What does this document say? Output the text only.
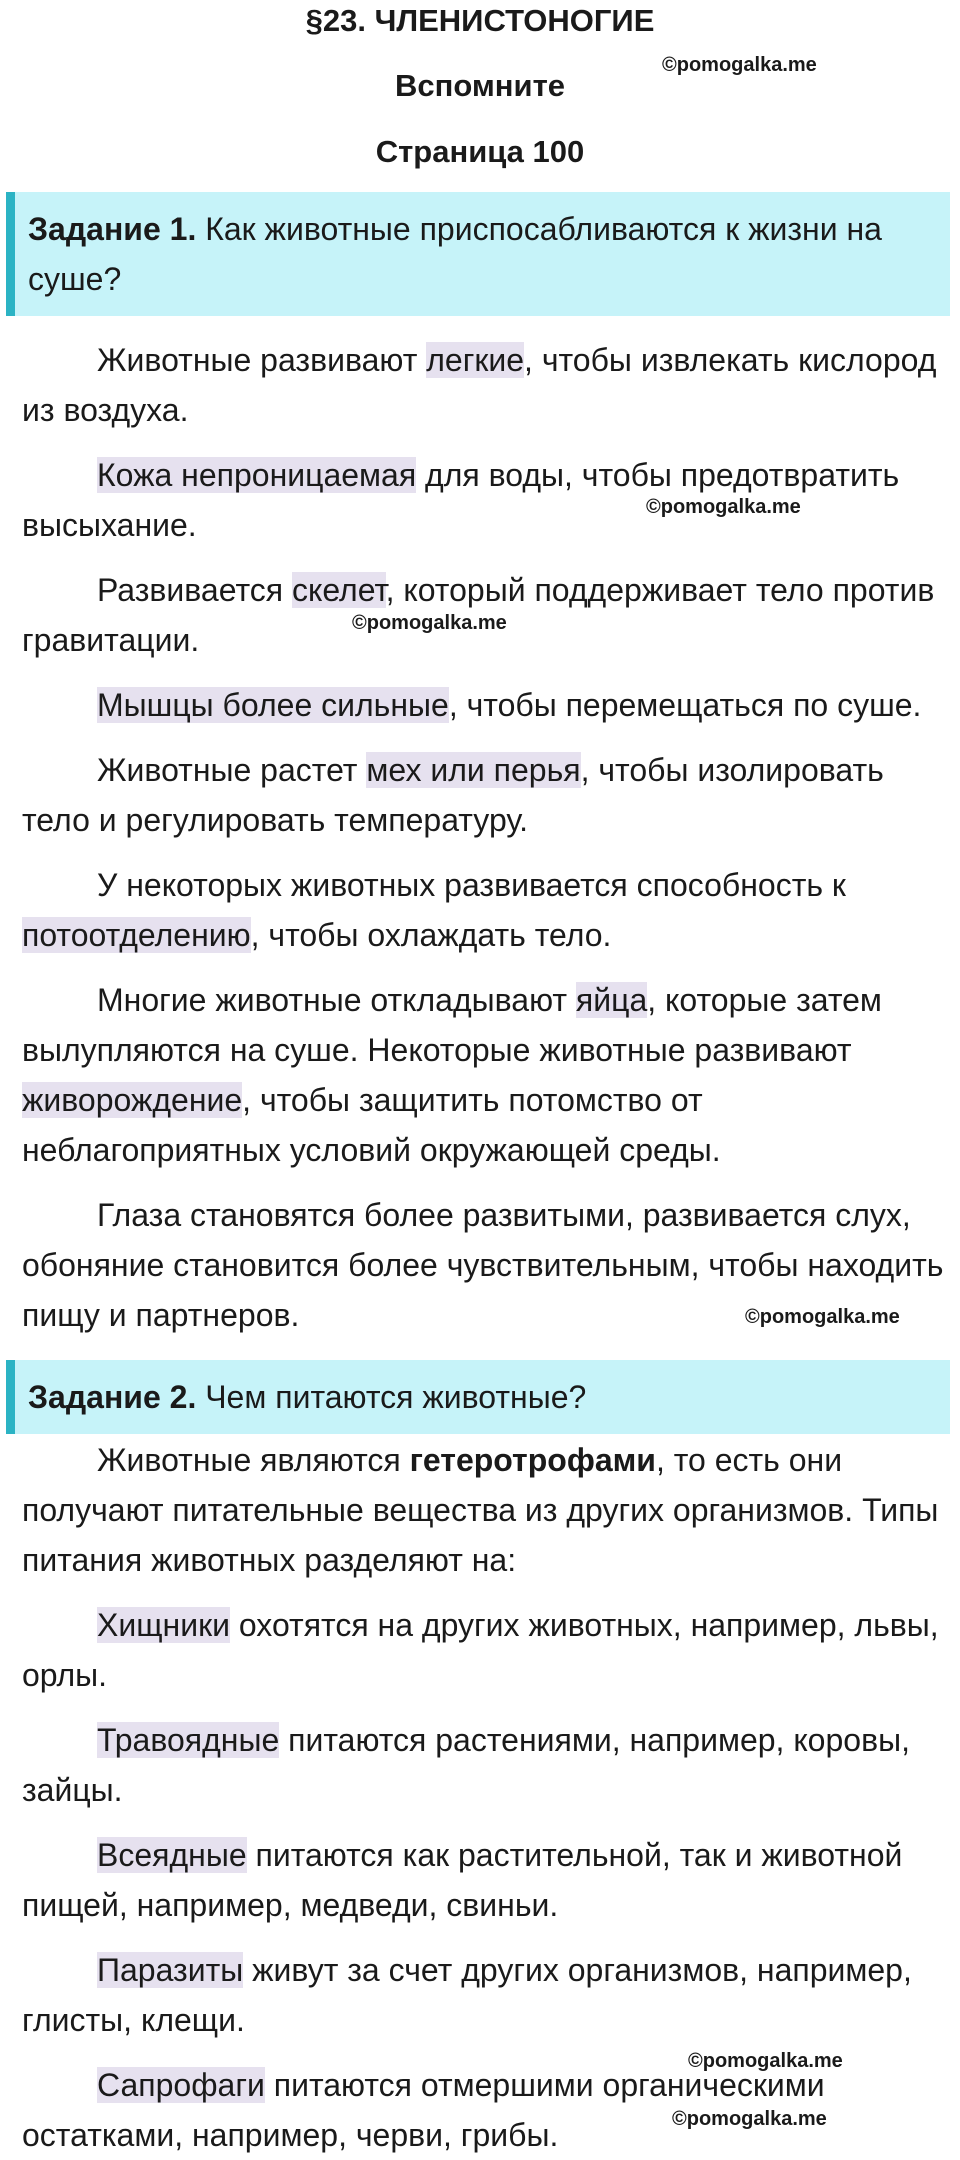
§23. ЧЛЕНИСТОНОГИЕ
Вспомните
Страница 100
©pomogalka.me
Задание 1. Как животные приспосабливаются к жизни на суше?
Животные развивают легкие, чтобы извлекать кислород из воздуха.
Кожа непроницаемая для воды, чтобы предотвратить высыхание.	©pomogalka.me
Развивается скелет, который поддерживает тело против гравитации.	©pomogalka.me
Мышцы более сильные, чтобы перемещаться по суше.
Животные растет мех или перья, чтобы изолировать тело и регулировать температуру.
У некоторых животных развивается способность к потоотделению, чтобы охлаждать тело.
Многие животные откладывают яйца, которые затем вылупляются на суше. Некоторые животные развивают живорождение, чтобы защитить потомство от неблагоприятных условий окружающей среды.
Глаза становятся более развитыми, развивается слух, обоняние становится более чувствительным, чтобы находить пищу и партнеров.	©pomogalka.me
Задание 2. Чем питаются животные?
Животные являются гетеротрофами, то есть они получают питательные вещества из других организмов. Типы питания животных разделяют на:
Хищники охотятся на других животных, например, львы, орлы.
Травоядные питаются растениями, например, коровы, зайцы.
Всеядные питаются как растительной, так и животной пищей, например, медведи, свиньи.
Паразиты живут за счет других организмов, например, глисты, клещи.
©pomogalka.me
Сапрофаги питаются отмершими органическими остатками, например, черви, грибы.	©pomogalka.me
